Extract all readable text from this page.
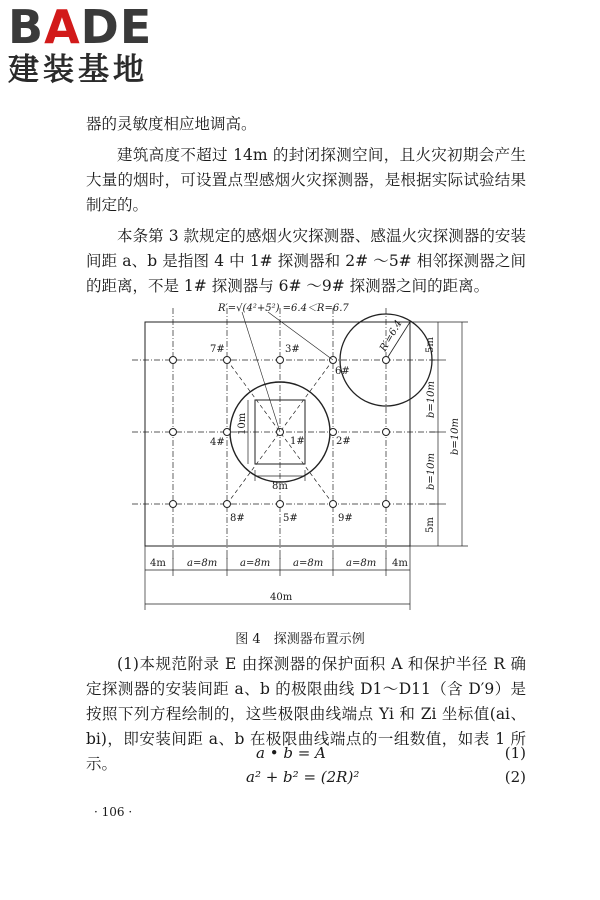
BADE
建装基地

器的灵敏度相应地调高。

建筑高度不超过 14m 的封闭探测空间，且火灾初期会产生大量的烟时，可设置点型感烟火灾探测器，是根据实际试验结果制定的。

本条第 3 款规定的感烟火灾探测器、感温火灾探测器的安装间距 a、b 是指图 4 中 1# 探测器和 2# ～5# 相邻探测器之间的距离，不是 1# 探测器与 6# ～9# 探测器之间的距离。

R′=√(4²+5²) =6.4＜R=6.7
7#	3#
6#
4#	1#	2#
8#	5#	9#
R′=6.4
10m
8m
4m a=8m a=8m a=8m a=8m 4m
40m
5m
b=10m
b=10m
5m
b=10m
图 4　探测器布置示例

(1)本规范附录 E 由探测器的保护面积 A 和保护半径 R 确定探测器的安装间距 a、b 的极限曲线 D1～D11（含 D′9）是按照下列方程绘制的，这些极限曲线端点 Yi 和 Zi 坐标值(ai、bi)，即安装间距 a、b 在极限曲线端点的一组数值，如表 1 所示。

a • b = A	(1)
a² + b² = (2R)²	(2)
· 106 ·
